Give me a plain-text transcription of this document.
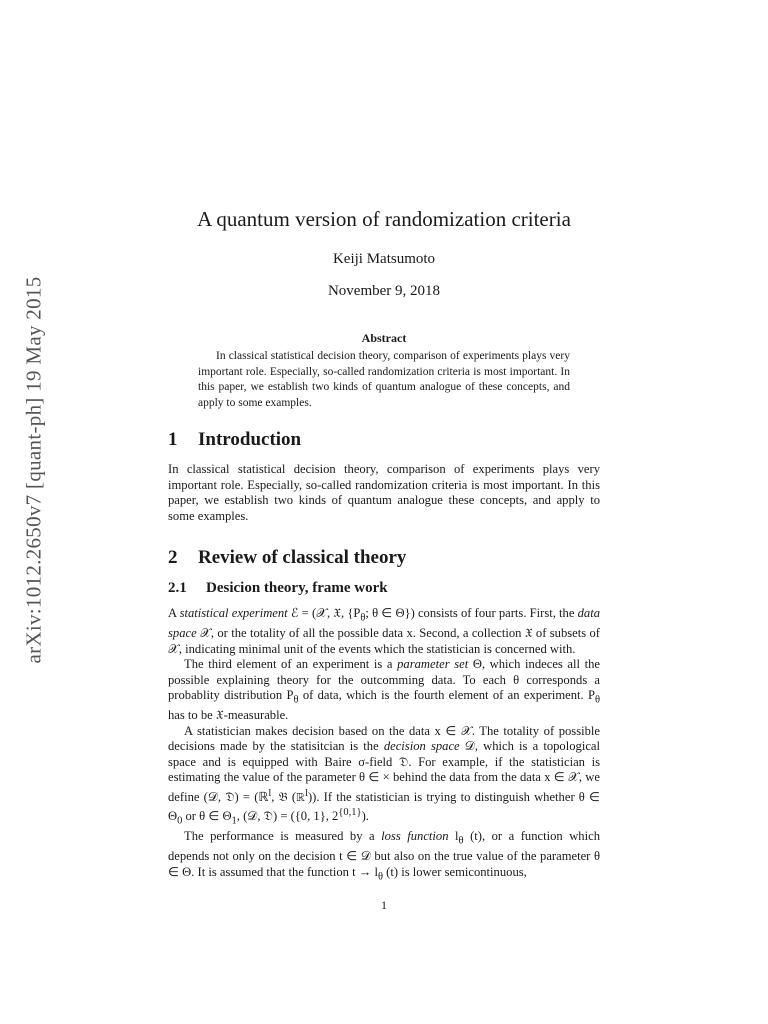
arXiv:1012.2650v7 [quant-ph] 19 May 2015
A quantum version of randomization criteria
Keiji Matsumoto
November 9, 2018
Abstract
In classical statistical decision theory, comparison of experiments plays very important role. Especially, so-called randomization criteria is most important. In this paper, we establish two kinds of quantum analogue of these concepts, and apply to some examples.
1 Introduction
In classical statistical decision theory, comparison of experiments plays very important role. Especially, so-called randomization criteria is most important. In this paper, we establish two kinds of quantum analogue these concepts, and apply to some examples.
2 Review of classical theory
2.1 Desicion theory, frame work

A statistical experiment ℰ = (𝒳, 𝔛, {$P_\theta$; θ ∈ Θ}) consists of four parts. First, the data space 𝒳, or the totality of all the possible data x. Second, a collection 𝔛 of subsets of 𝒳, indicating minimal unit of the events which the statistician is concerned with.

The third element of an experiment is a parameter set Θ, which indeces all the possible explaining theory for the outcomming data. To each θ corresponds a probablity distribution $P_\theta$ of data, which is the fourth element of an experiment. $P_\theta$ has to be 𝔛-measurable.

A statistician makes decision based on the data x ∈ 𝒳. The totality of possible decisions made by the statisitcian is the decision space 𝒟, which is a topological space and is equipped with Baire σ-field 𝔇. For example, if the statistician is estimating the value of the parameter θ ∈ × behind the data from the data x ∈ 𝒳, we define (𝒟, 𝔇) = (ℝ$^l$, 𝔅 (ℝ$^l$)). If the statistician is trying to distinguish whether θ ∈ $\Theta_0$ or θ ∈ $\Theta_1$, (𝒟, 𝔇) = ({0, 1}, $2^{\{0,1\}}$).

The performance is measured by a loss function $l_\theta$ (t), or a function which depends not only on the decision t ∈ 𝒟 but also on the true value of the parameter θ ∈ Θ. It is assumed that the function $t \to l_\theta$ (t) is lower semicontinuous,

1
